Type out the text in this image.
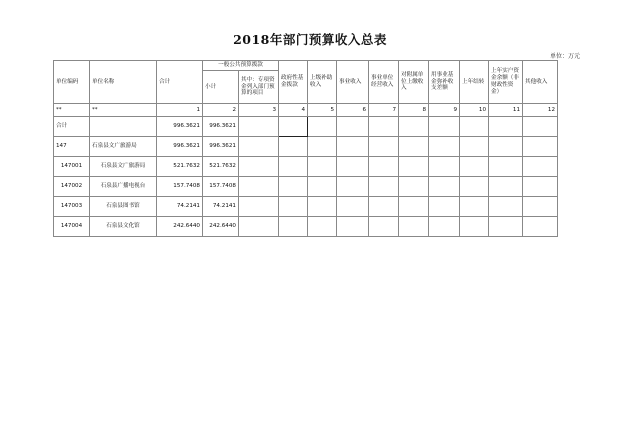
2018年部门预算收入总表
单位：万元
单位编码	单位名称	合计	一般公共预算拨款		政府性基金拨款	上级补助收入	事业收入	事业单位经营收入	对附属单位上缴收入	用事业基金弥补收支差额	上年结转	上年实户资金余额（非财政性资金）	其他收入
			小计	其中：专项资金列入部门预算的项目									
**	**	1	2	3	4	5	6	7	8	9	10	11	12
合计		996.3621	996.3621										
147	石泉县文广旅游局	996.3621	996.3621										
147001	石泉县文广旅游局	521.7632	521.7632										
147002	石泉县广播电视台	157.7408	157.7408										
147003	石泉县图书馆	74.2141	74.2141										
147004	石泉县文化馆	242.6440	242.6440										
